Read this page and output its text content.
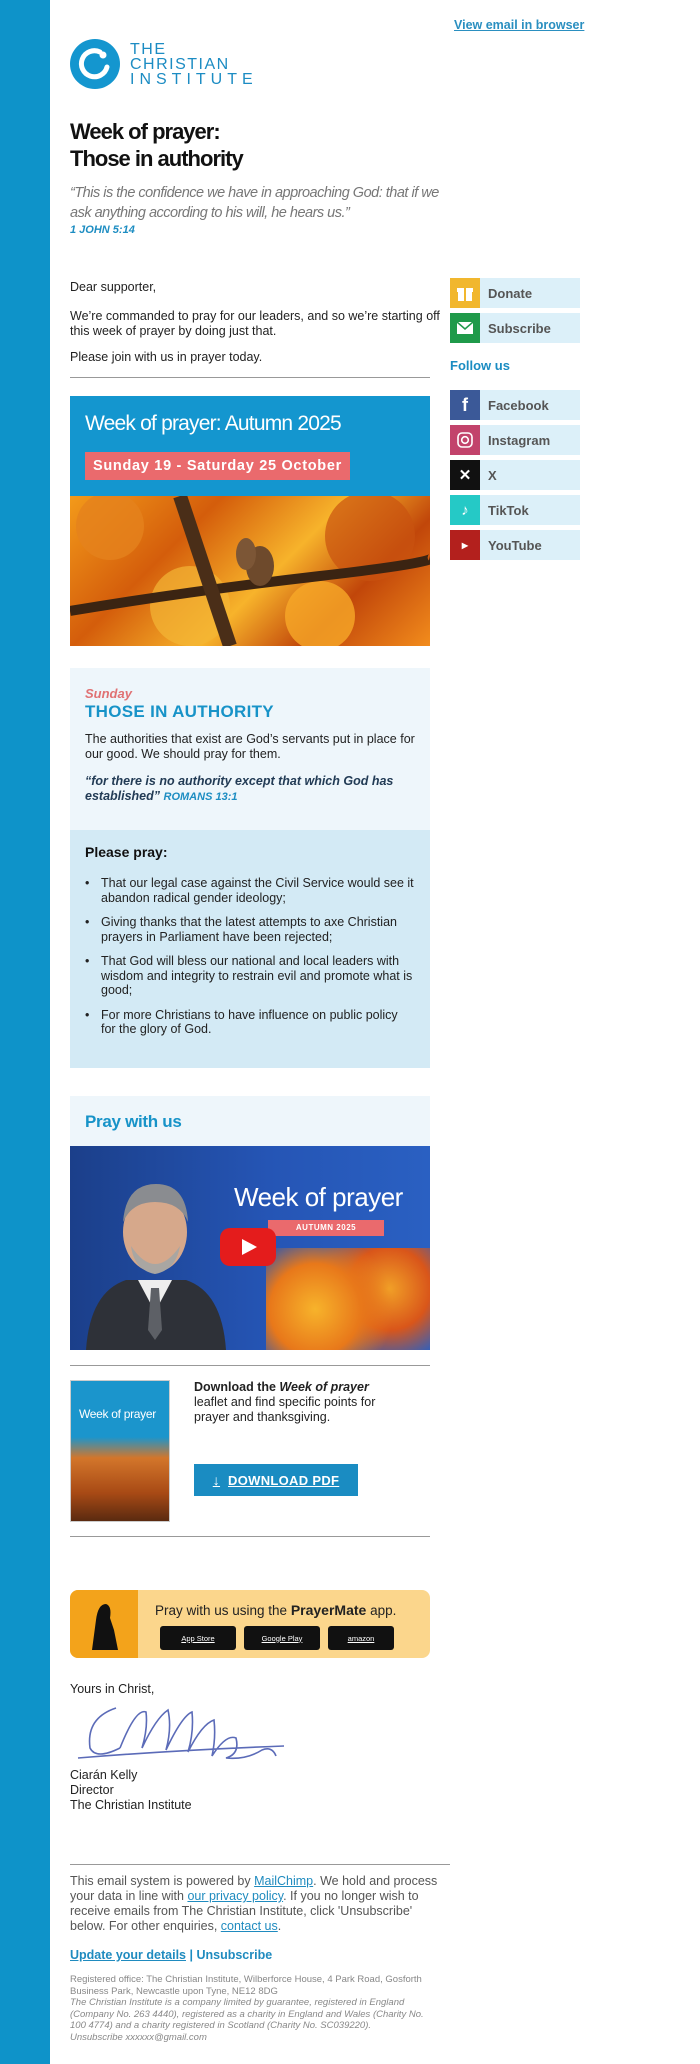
View email in browser
THE CHRISTIAN
INSTITUTE
Week of prayer:
Those in authority
“This is the confidence we have in approaching God: that if we ask anything according to his will, he hears us.”
1 JOHN 5:14
Dear supporter,
We’re commanded to pray for our leaders, and so we’re starting off this week of prayer by doing just that.
Please join with us in prayer today.
Week of prayer: Autumn 2025
Sunday 19 - Saturday 25 October
Sunday
THOSE IN AUTHORITY
The authorities that exist are God’s servants put in place for our good. We should pray for them.
“for there is no authority except that which God has established” ROMANS 13:1
Please pray:
• That our legal case against the Civil Service would see it abandon radical gender ideology;
• Giving thanks that the latest attempts to axe Christian prayers in Parliament have been rejected;
• That God will bless our national and local leaders with wisdom and integrity to restrain evil and promote what is good;
• For more Christians to have influence on public policy for the glory of God.
Pray with us
Week of prayer
AUTUMN 2025
Week of prayer
Download the Week of prayer leaflet and find specific points for prayer and thanksgiving.
↓ DOWNLOAD PDF
Pray with us using the PrayerMate app.
App Store	Google Play	amazon
Yours in Christ,
Ciarán Kelly
Director
The Christian Institute
This email system is powered by MailChimp. We hold and process your data in line with our privacy policy. If you no longer wish to receive emails from The Christian Institute, click 'Unsubscribe' below. For other enquiries, contact us.
Update your details | Unsubscribe
Registered office: The Christian Institute, Wilberforce House, 4 Park Road, Gosforth Business Park, Newcastle upon Tyne, NE12 8DG
The Christian Institute is a company limited by guarantee, registered in England (Company No. 263 4440), registered as a charity in England and Wales (Charity No. 100 4774) and a charity registered in Scotland (Charity No. SC039220).
Unsubscribe xxxxxx@gmail.com
Donate
Subscribe
Follow us
f	Facebook
Instagram
✕	X
♪	TikTok
▶	YouTube
